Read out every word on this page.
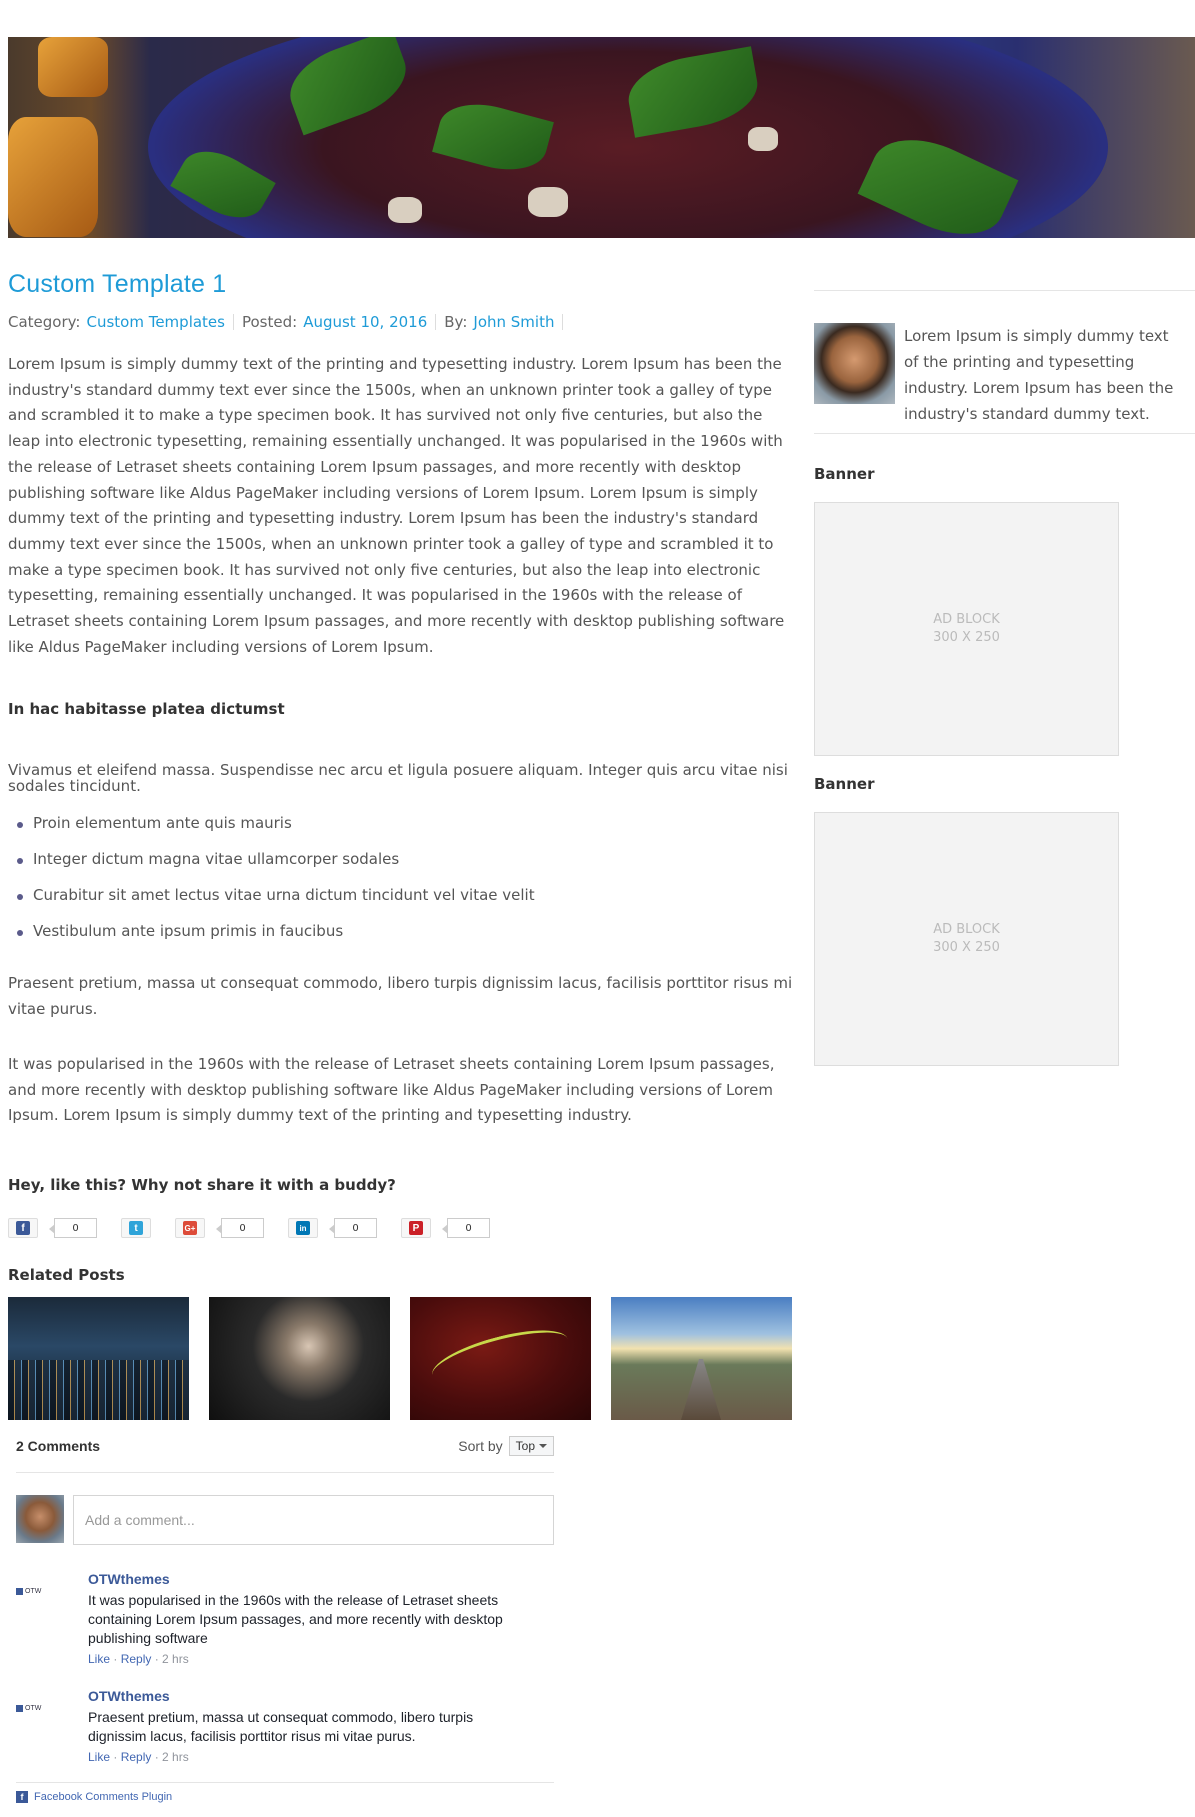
Custom Template 1
Category: Custom Templates Posted: August 10, 2016 By: John Smith

Lorem Ipsum is simply dummy text of the printing and typesetting industry. Lorem Ipsum has been the industry's standard dummy text ever since the 1500s, when an unknown printer took a galley of type and scrambled it to make a type specimen book. It has survived not only five centuries, but also the leap into electronic typesetting, remaining essentially unchanged. It was popularised in the 1960s with the release of Letraset sheets containing Lorem Ipsum passages, and more recently with desktop publishing software like Aldus PageMaker including versions of Lorem Ipsum. Lorem Ipsum is simply dummy text of the printing and typesetting industry. Lorem Ipsum has been the industry's standard dummy text ever since the 1500s, when an unknown printer took a galley of type and scrambled it to make a type specimen book. It has survived not only five centuries, but also the leap into electronic typesetting, remaining essentially unchanged. It was popularised in the 1960s with the release of Letraset sheets containing Lorem Ipsum passages, and more recently with desktop publishing software like Aldus PageMaker including versions of Lorem Ipsum.

In hac habitasse platea dictumst

Vivamus et eleifend massa. Suspendisse nec arcu et ligula posuere aliquam. Integer quis arcu vitae nisi sodales tincidunt.

Proin elementum ante quis mauris
Integer dictum magna vitae ullamcorper sodales
Curabitur sit amet lectus vitae urna dictum tincidunt vel vitae velit
Vestibulum ante ipsum primis in faucibus

Praesent pretium, massa ut consequat commodo, libero turpis dignissim lacus, facilisis porttitor risus mi vitae purus.

It was popularised in the 1960s with the release of Letraset sheets containing Lorem Ipsum passages, and more recently with desktop publishing software like Aldus PageMaker including versions of Lorem Ipsum. Lorem Ipsum is simply dummy text of the printing and typesetting industry.

Hey, like this? Why not share it with a buddy?
f	0	t	G+	0	in	0	P	0
Related Posts
2 Comments	Sort by Top
Add a comment...
OTW
OTWthemes
It was popularised in the 1960s with the release of Letraset sheets containing Lorem Ipsum passages, and more recently with desktop publishing software
Like · Reply · 2 hrs
OTW
OTWthemes
Praesent pretium, massa ut consequat commodo, libero turpis dignissim lacus, facilisis porttitor risus mi vitae purus.
Like · Reply · 2 hrs
f Facebook Comments Plugin
Lorem Ipsum is simply dummy text of the printing and typesetting industry. Lorem Ipsum has been the industry's standard dummy text.
Banner
AD BLOCK
300 X 250
Banner
AD BLOCK
300 X 250
